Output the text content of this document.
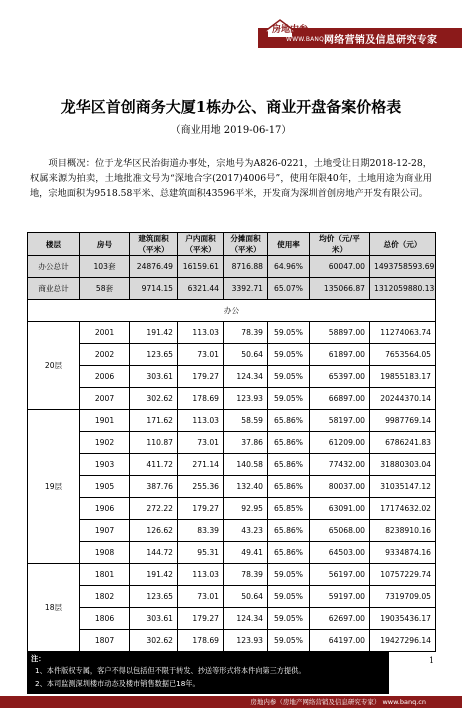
房地内参
WWW.BANQ.cn
网络营销及信息研究专家
龙华区首创商务大厦1栋办公、商业开盘备案价格表
（商业用地 2019-06-17）
项目概况：位于龙华区民治街道办事处，宗地号为A826-0221，土地受让日期2018-12-28，权属来源为拍卖，土地批准文号为“深地合字(2017)4006号”，使用年限40年，土地用途为商业用地，宗地面积为9518.58平米、总建筑面积43596平米，开发商为深圳首创房地产开发有限公司。
楼层	房号	建筑面积（平米）	户内面积（平米）	分摊面积（平米）	使用率	均价（元/平米）	总价（元）
办公总计	103套	24876.49	16159.61	8716.88	64.96%	60047.00	1493758593.69
商业总计	58套	9714.15	6321.44	3392.71	65.07%	135066.87	1312059880.13
办公							
20层	2001	191.42	113.03	78.39	59.05%	58897.00	11274063.74
	2002	123.65	73.01	50.64	59.05%	61897.00	7653564.05
	2006	303.61	179.27	124.34	59.05%	65397.00	19855183.17
	2007	302.62	178.69	123.93	59.05%	66897.00	20244370.14
19层	1901	171.62	113.03	58.59	65.86%	58197.00	9987769.14
	1902	110.87	73.01	37.86	65.86%	61209.00	6786241.83
	1903	411.72	271.14	140.58	65.86%	77432.00	31880303.04
	1905	387.76	255.36	132.40	65.86%	80037.00	31035147.12
	1906	272.22	179.27	92.95	65.85%	63091.00	17174632.02
	1907	126.62	83.39	43.23	65.86%	65068.00	8238910.16
	1908	144.72	95.31	49.41	65.86%	64503.00	9334874.16
18层	1801	191.42	113.03	78.39	59.05%	56197.00	10757229.74
	1802	123.65	73.01	50.64	59.05%	59197.00	7319709.05
	1806	303.61	179.27	124.34	59.05%	62697.00	19035436.17
	1807	302.62	178.69	123.93	59.05%	64197.00	19427296.14
注：
1、本件版权专属，客户不得以包括但不限于转发、抄送等形式将本件向第三方提供。
2、本司监测深圳楼市动态及楼市销售数据已18年。
1
房地内参（房地产网络营销及信息研究专家） www.banq.cn
